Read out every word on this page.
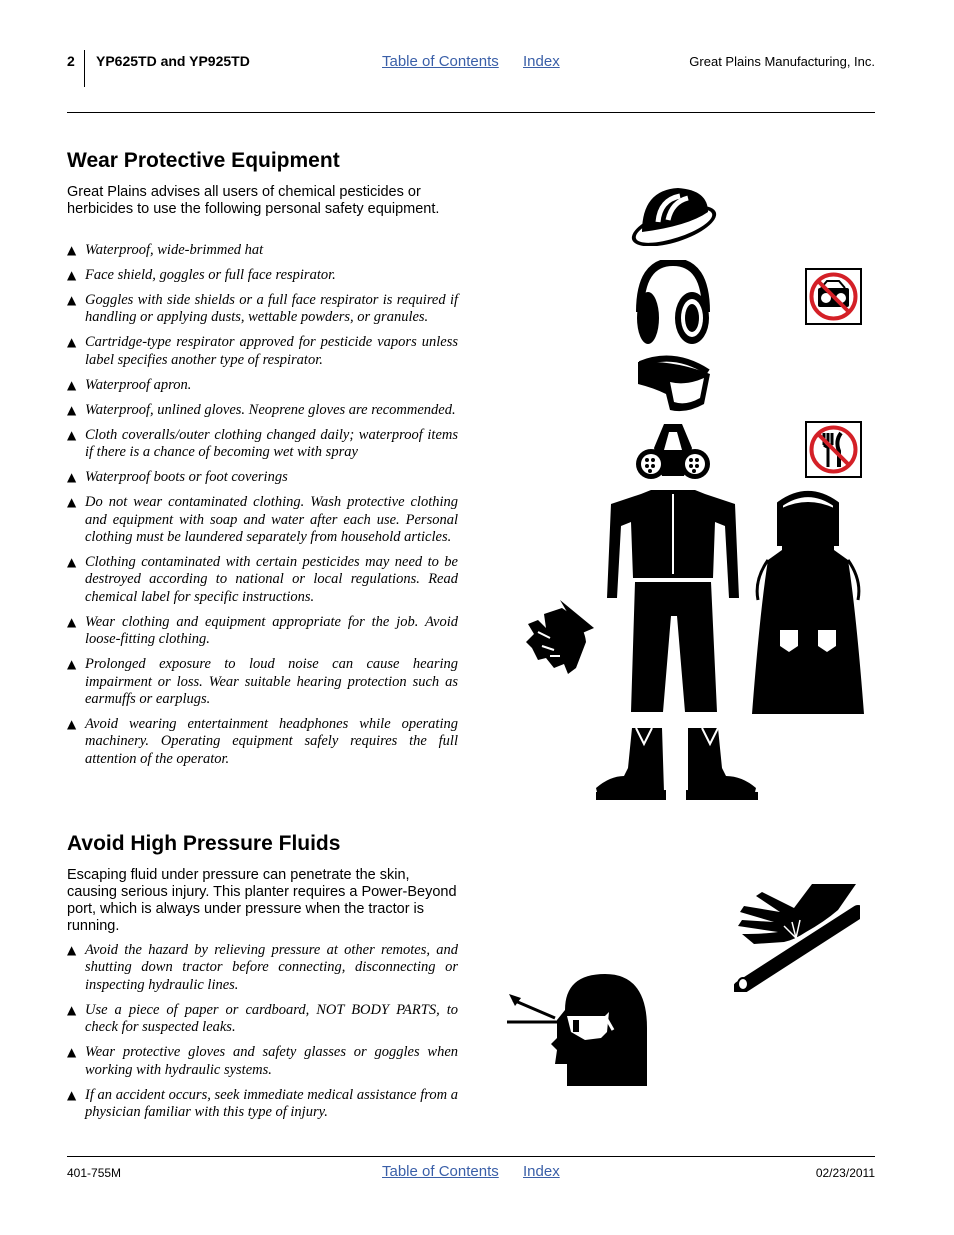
2 YP625TD and YP925TD	Table of Contents Index	Great Plains Manufacturing, Inc.
Wear Protective Equipment

Great Plains advises all users of chemical pesticides or herbicides to use the following personal safety equipment.

▲ Waterproof, wide-brimmed hat
▲ Face shield, goggles or full face respirator.
▲ Goggles with side shields or a full face respirator is required if handling or applying dusts, wettable powders, or granules.
▲ Cartridge-type respirator approved for pesticide vapors unless label specifies another type of respirator.
▲ Waterproof apron.
▲ Waterproof, unlined gloves. Neoprene gloves are recommended.
▲ Cloth coveralls/outer clothing changed daily; waterproof items if there is a chance of becoming wet with spray
▲ Waterproof boots or foot coverings
▲ Do not wear contaminated clothing. Wash protective clothing and equipment with soap and water after each use. Personal clothing must be laundered separately from household articles.
▲ Clothing contaminated with certain pesticides may need to be destroyed according to national or local regulations. Read chemical label for specific instructions.
▲ Wear clothing and equipment appropriate for the job. Avoid loose-fitting clothing.
▲ Prolonged exposure to loud noise can cause hearing impairment or loss. Wear suitable hearing protection such as earmuffs or earplugs.
▲ Avoid wearing entertainment headphones while operating machinery. Operating equipment safely requires the full attention of the operator.
Avoid High Pressure Fluids

Escaping fluid under pressure can penetrate the skin, causing serious injury. This planter requires a Power-Beyond port, which is always under pressure when the tractor is running.

▲ Avoid the hazard by relieving pressure at other remotes, and shutting down tractor before connecting, disconnecting or inspecting hydraulic lines.
▲ Use a piece of paper or cardboard, NOT BODY PARTS, to check for suspected leaks.
▲ Wear protective gloves and safety glasses or goggles when working with hydraulic systems.
▲ If an accident occurs, seek immediate medical assistance from a physician familiar with this type of injury.
401-755M	Table of Contents Index	02/23/2011
